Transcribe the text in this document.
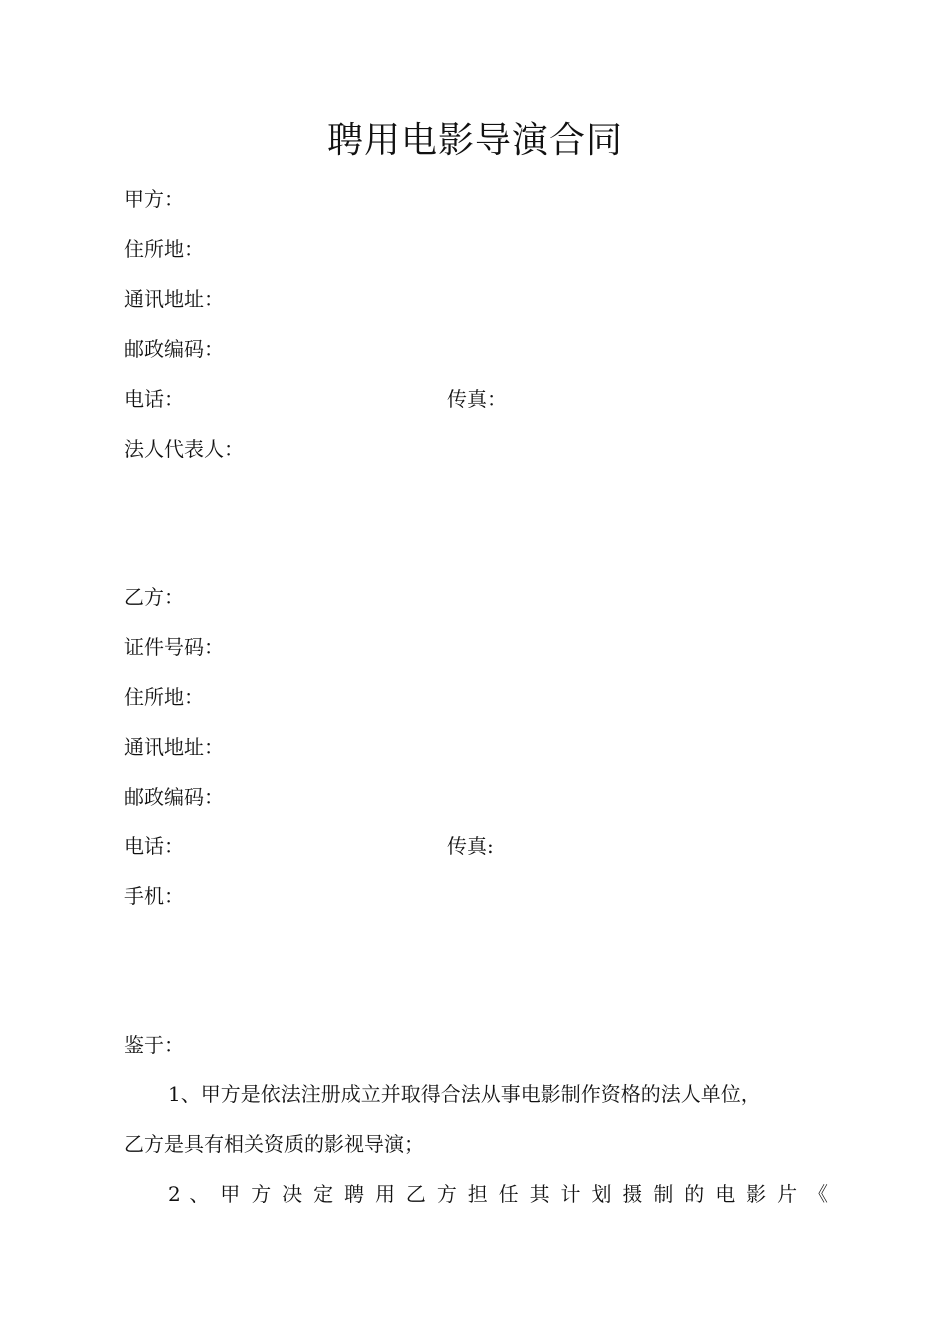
聘用电影导演合同
甲方：
住所地：
通讯地址：
邮政编码：
电话：	传真：
法人代表人：
乙方：
证件号码：
住所地：
通讯地址：
邮政编码：
电话：	传真:
手机：
鉴于：
1、甲方是依法注册成立并取得合法从事电影制作资格的法人单位，
乙方是具有相关资质的影视导演；
2 、 甲 方 决 定 聘 用 乙 方 担 任 其 计 划 摄 制 的 电 影 片 《
